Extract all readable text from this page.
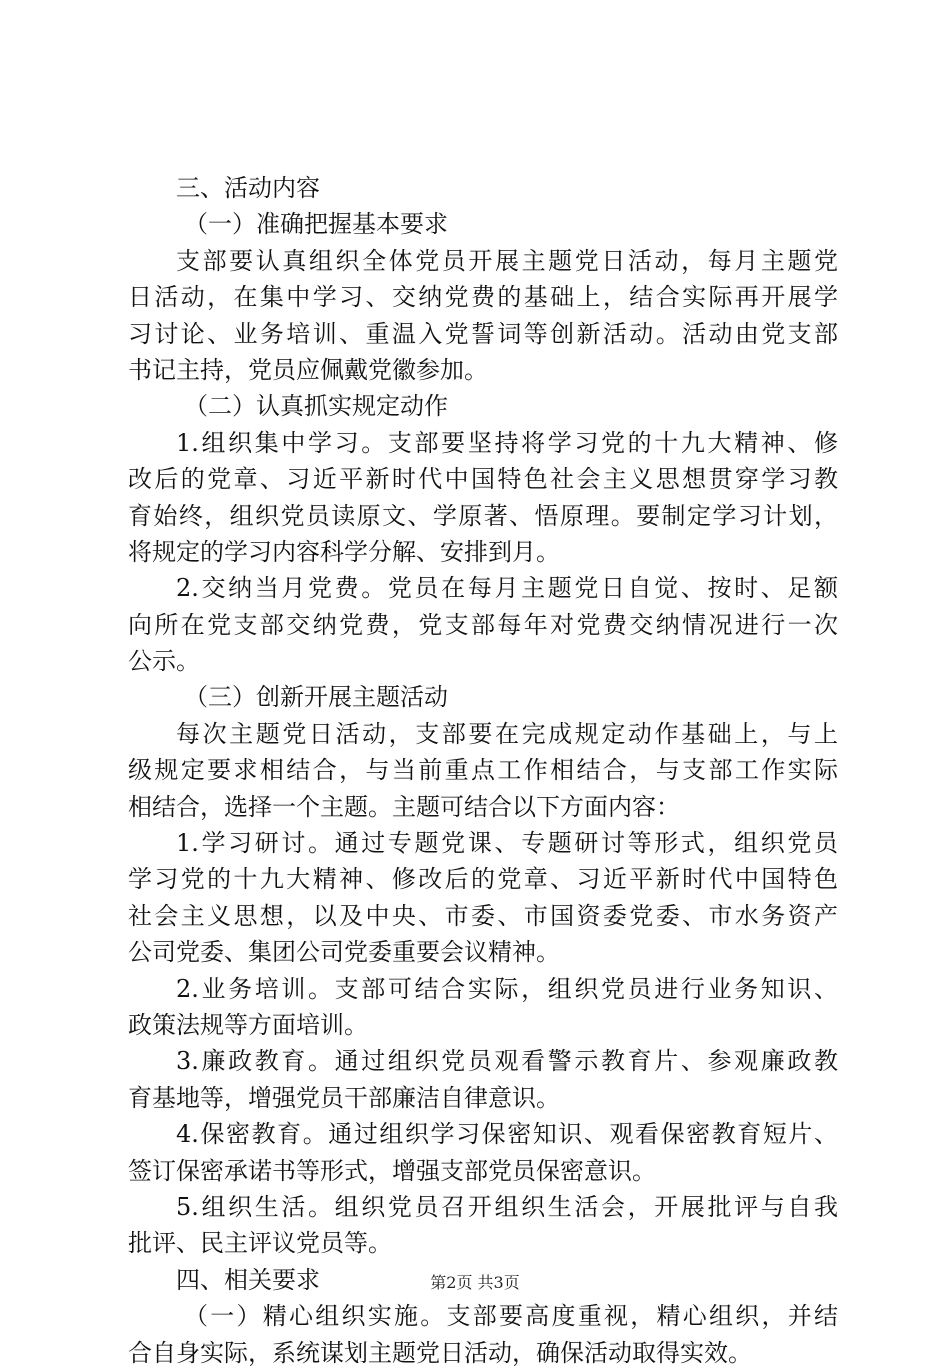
三、活动内容
（一）准确把握基本要求
支部要认真组织全体党员开展主题党日活动，每月主题党
日活动，在集中学习、交纳党费的基础上，结合实际再开展学
习讨论、业务培训、重温入党誓词等创新活动。活动由党支部
书记主持，党员应佩戴党徽参加。
（二）认真抓实规定动作
1.组织集中学习。支部要坚持将学习党的十九大精神、修
改后的党章、习近平新时代中国特色社会主义思想贯穿学习教
育始终，组织党员读原文、学原著、悟原理。要制定学习计划，
将规定的学习内容科学分解、安排到月。
2.交纳当月党费。党员在每月主题党日自觉、按时、足额
向所在党支部交纳党费，党支部每年对党费交纳情况进行一次
公示。
（三）创新开展主题活动
每次主题党日活动，支部要在完成规定动作基础上，与上
级规定要求相结合，与当前重点工作相结合，与支部工作实际
相结合，选择一个主题。主题可结合以下方面内容：
1.学习研讨。通过专题党课、专题研讨等形式，组织党员
学习党的十九大精神、修改后的党章、习近平新时代中国特色
社会主义思想，以及中央、市委、市国资委党委、市水务资产
公司党委、集团公司党委重要会议精神。
2.业务培训。支部可结合实际，组织党员进行业务知识、
政策法规等方面培训。
3.廉政教育。通过组织党员观看警示教育片、参观廉政教
育基地等，增强党员干部廉洁自律意识。
4.保密教育。通过组织学习保密知识、观看保密教育短片、
签订保密承诺书等形式，增强支部党员保密意识。
5.组织生活。组织党员召开组织生活会，开展批评与自我
批评、民主评议党员等。
四、相关要求
（一）精心组织实施。支部要高度重视，精心组织，并结
合自身实际，系统谋划主题党日活动，确保活动取得实效。
第2页 共3页
